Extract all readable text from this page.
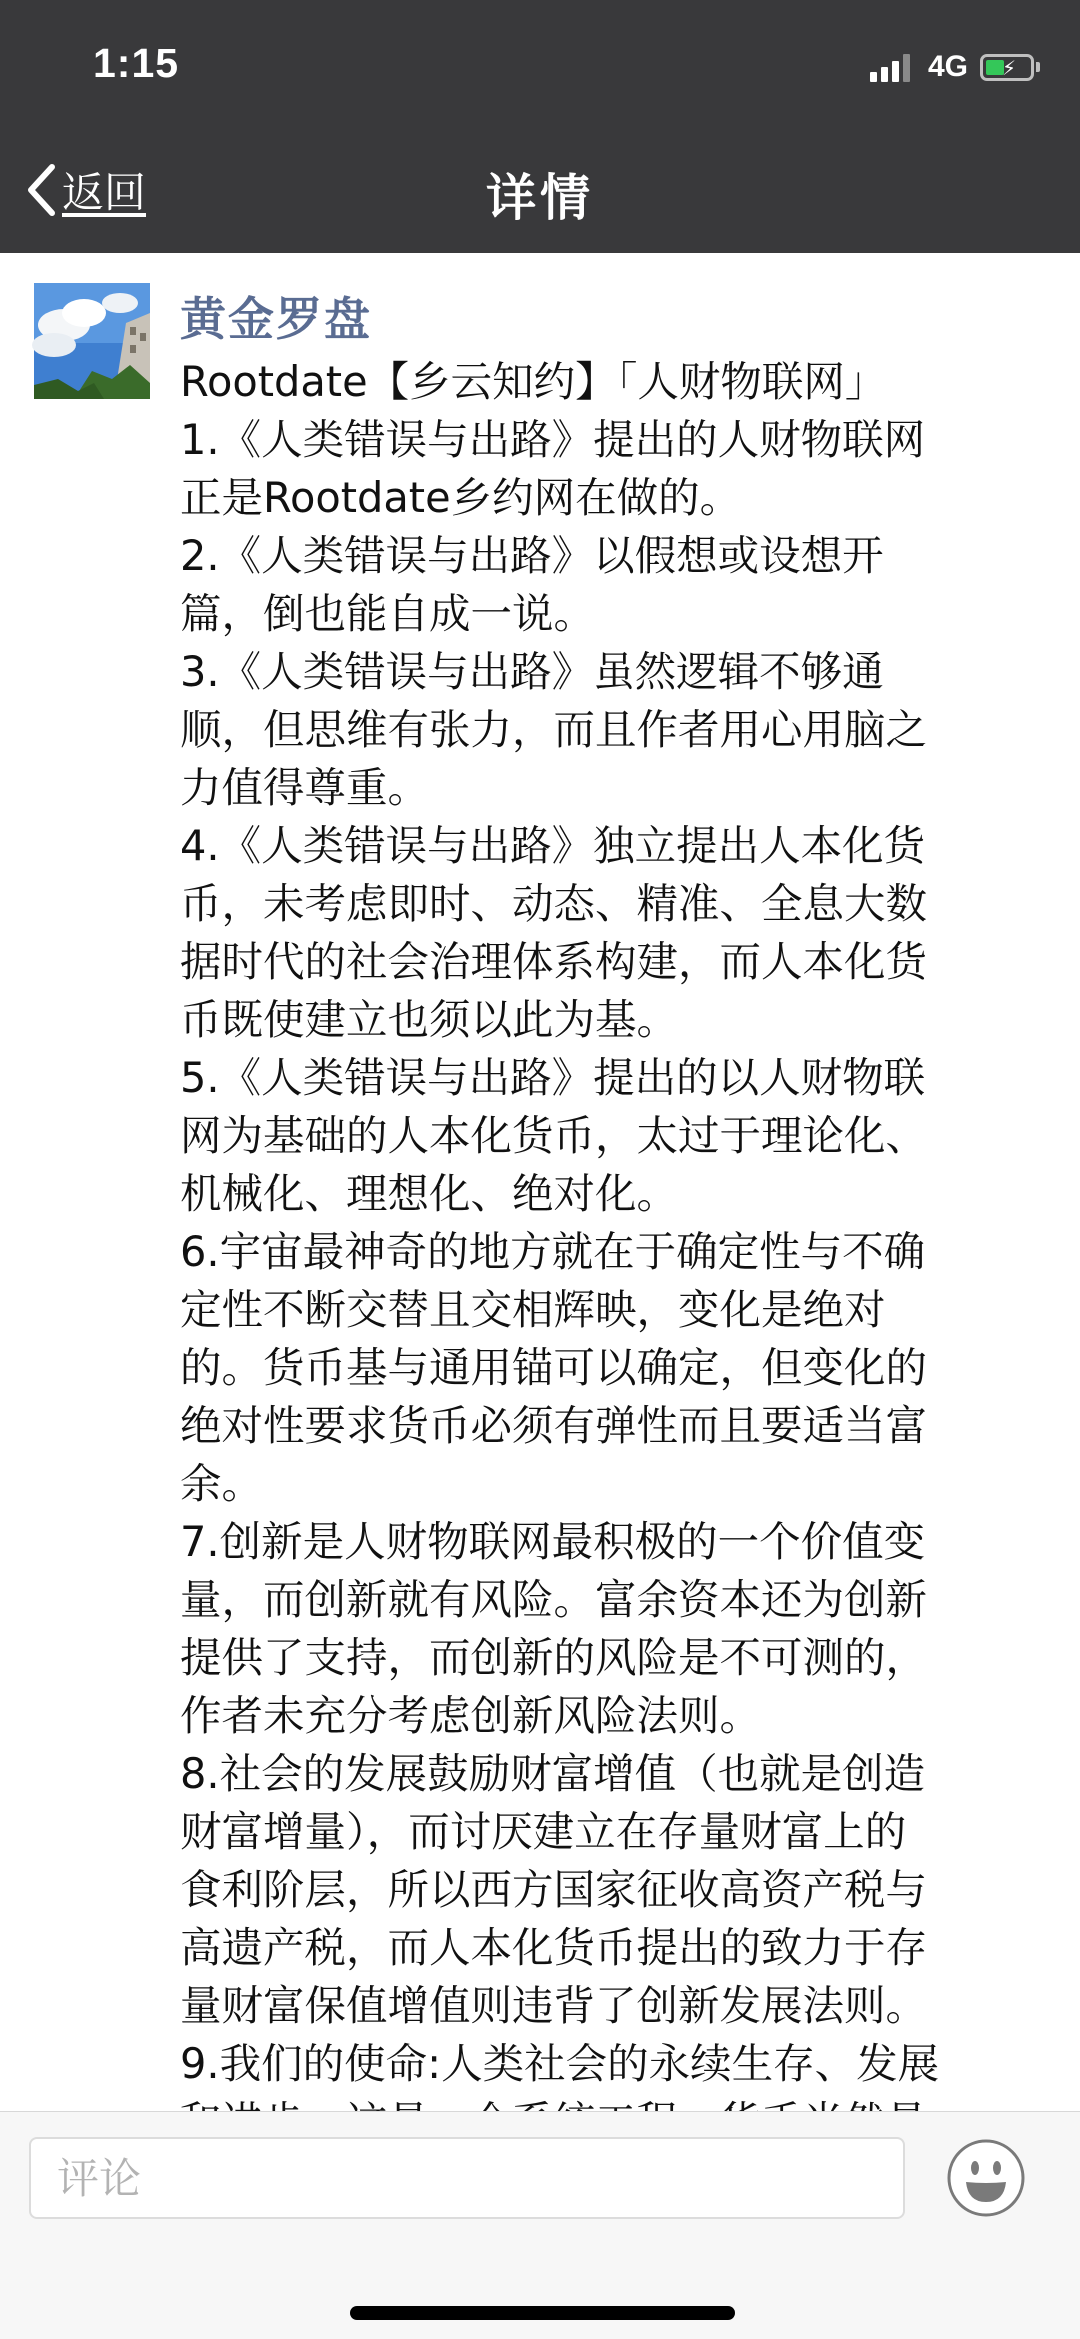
1:15	4G ⚡
返回	详情
黄金罗盘
Rootdate【乡云知约】「人财物联网」
1.《人类错误与出路》提出的人财物联网
正是Rootdate乡约网在做的。
2.《人类错误与出路》以假想或设想开
篇，倒也能自成一说。
3.《人类错误与出路》虽然逻辑不够通
顺，但思维有张力，而且作者用心用脑之
力值得尊重。
4.《人类错误与出路》独立提出人本化货
币，未考虑即时、动态、精准、全息大数
据时代的社会治理体系构建，而人本化货
币既使建立也须以此为基。
5.《人类错误与出路》提出的以人财物联
网为基础的人本化货币，太过于理论化、
机械化、理想化、绝对化。
6.宇宙最神奇的地方就在于确定性与不确
定性不断交替且交相辉映，变化是绝对
的。货币基与通用锚可以确定，但变化的
绝对性要求货币必须有弹性而且要适当富
余。
7.创新是人财物联网最积极的一个价值变
量，而创新就有风险。富余资本还为创新
提供了支持，而创新的风险是不可测的，
作者未充分考虑创新风险法则。
8.社会的发展鼓励财富增值（也就是创造
财富增量），而讨厌建立在存量财富上的
食利阶层，所以西方国家征收高资产税与
高遗产税，而人本化货币提出的致力于存
量财富保值增值则违背了创新发展法则。
9.我们的使命:人类社会的永续生存、发展
评论
